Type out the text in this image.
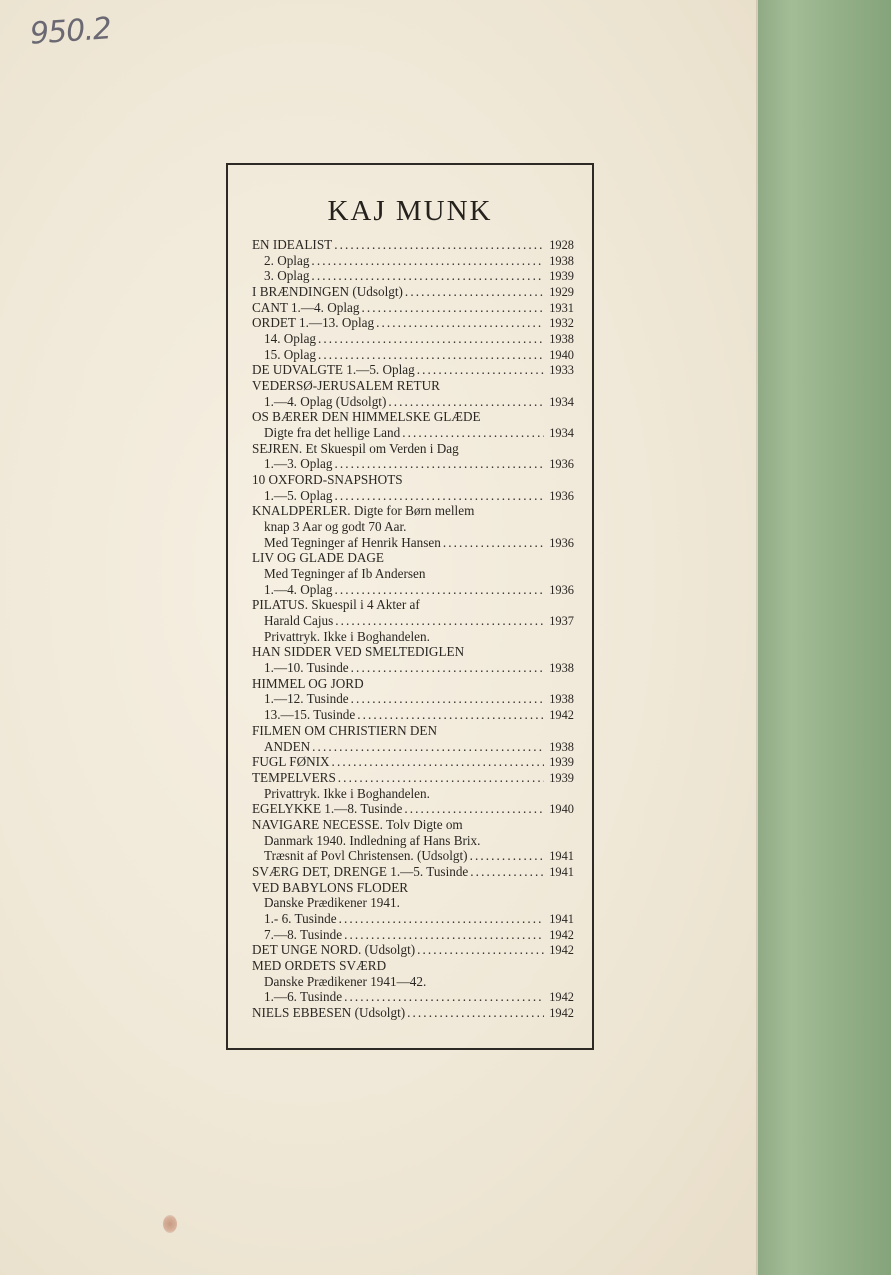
950.2
KAJ MUNK
EN IDEALIST . . .	1928
2. Oplag . . .	1938
3. Oplag . . .	1939
I BRÆNDINGEN (Udsolgt) . . .	1929
CANT 1.—4. Oplag . . .	1931
ORDET 1.—13. Oplag . . .	1932
14. Oplag . . .	1938
15. Oplag . . .	1940
DE UDVALGTE 1.—5. Oplag . . .	1933
VEDERSØ-JERUSALEM RETUR
1.—4. Oplag (Udsolgt) . . .	1934
OS BÆRER DEN HIMMELSKE GLÆDE
Digte fra det hellige Land . . .	1934
SEJREN. Et Skuespil om Verden i Dag
1.—3. Oplag . . .	1936
10 OXFORD-SNAPSHOTS
1.—5. Oplag . . .	1936
KNALDPERLER. Digte for Børn mellem
knap 3 Aar og godt 70 Aar.
Med Tegninger af Henrik Hansen . . .	1936
LIV OG GLADE DAGE
Med Tegninger af Ib Andersen
1.—4. Oplag . . .	1936
PILATUS. Skuespil i 4 Akter af
Harald Cajus . . .	1937
Privattryk. Ikke i Boghandelen.
HAN SIDDER VED SMELTEDIGLEN
1.—10. Tusinde . . .	1938
HIMMEL OG JORD
1.—12. Tusinde . . .	1938
13.—15. Tusinde . . .	1942
FILMEN OM CHRISTIERN DEN
ANDEN . . .	1938
FUGL FØNIX . . .	1939
TEMPELVERS . . .	1939
Privattryk. Ikke i Boghandelen.
EGELYKKE 1.—8. Tusinde . . .	1940
NAVIGARE NECESSE. Tolv Digte om
Danmark 1940. Indledning af Hans Brix.
Træsnit af Povl Christensen. (Udsolgt) . . .	1941
SVÆRG DET, DRENGE 1.—5. Tusinde . . .	1941
VED BABYLONS FLODER
Danske Prædikener 1941.
1.- 6. Tusinde . . .	1941
7.—8. Tusinde . . .	1942
DET UNGE NORD. (Udsolgt) . . .	1942
MED ORDETS SVÆRD
Danske Prædikener 1941—42.
1.—6. Tusinde . . .	1942
NIELS EBBESEN (Udsolgt) . . .	1942
